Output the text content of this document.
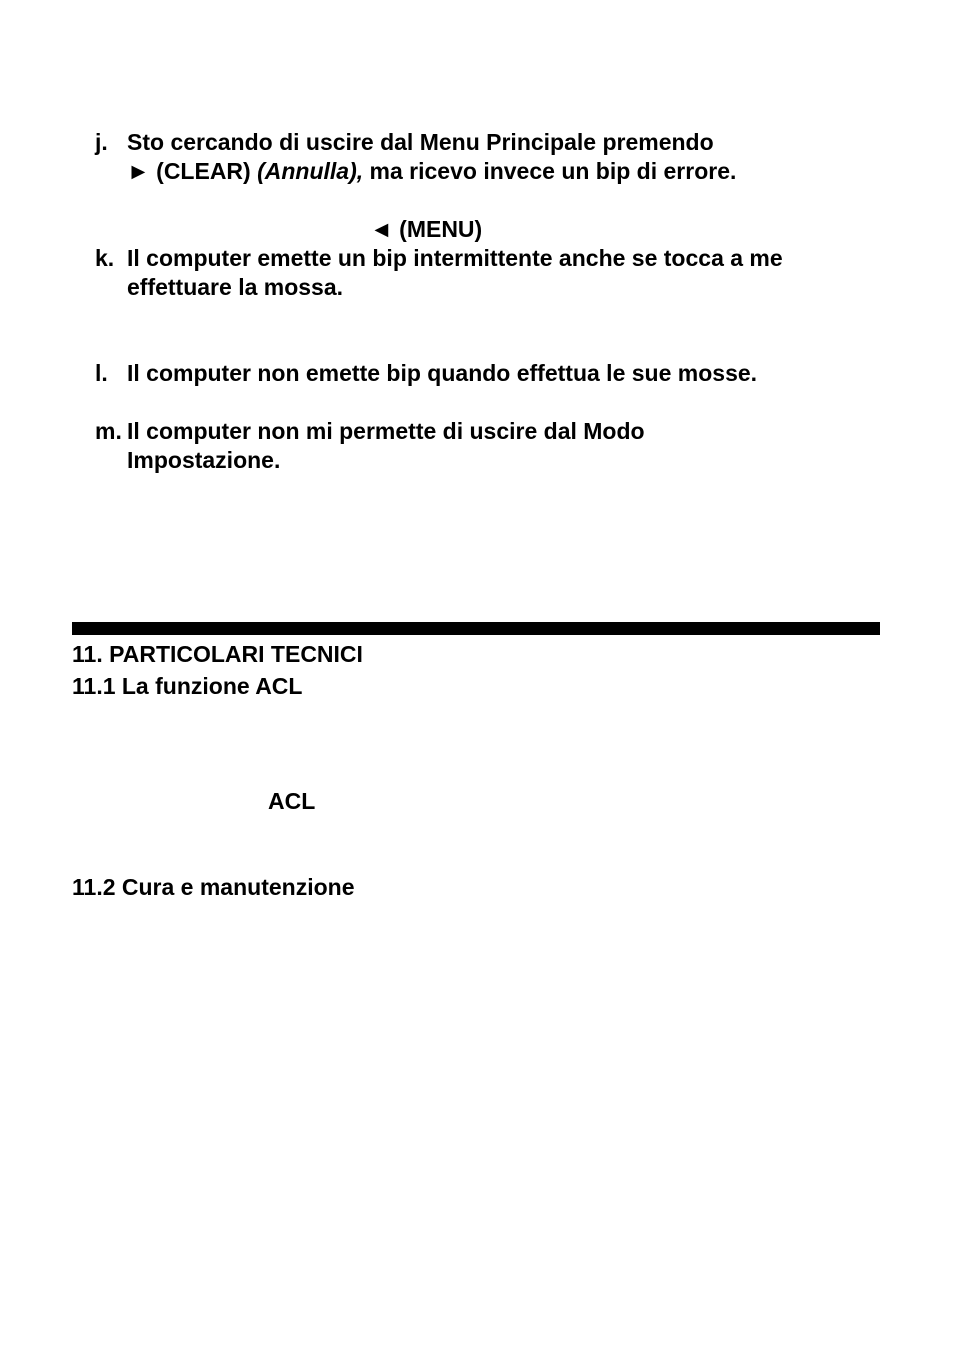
j. Sto cercando di uscire dal Menu Principale premendo
► (CLEAR) (Annulla), ma ricevo invece un bip di errore.
◄ (MENU)
k. Il computer emette un bip intermittente anche se tocca a me
effettuare la mossa.
l. Il computer non emette bip quando effettua le sue mosse.
m. Il computer non mi permette di uscire dal Modo
Impostazione.
11. PARTICOLARI TECNICI
11.1 La funzione ACL
ACL
11.2 Cura e manutenzione
